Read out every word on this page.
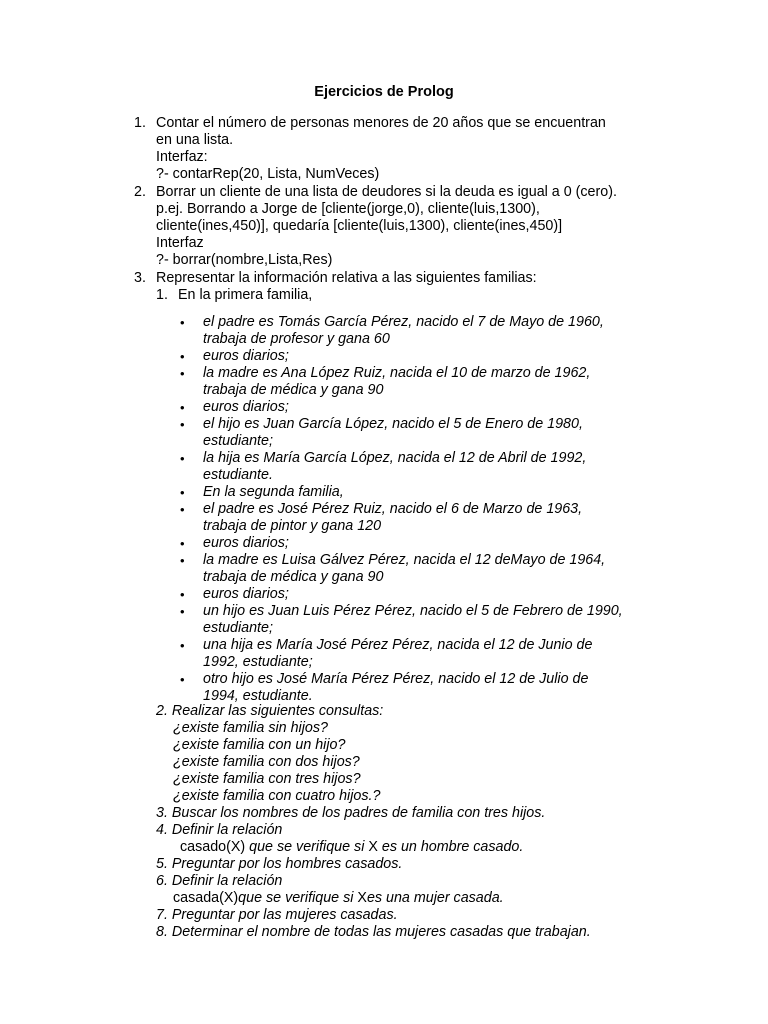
Ejercicios de Prolog
1. Contar el número de personas menores de 20 años que se encuentran
en una lista.
Interfaz:
?- contarRep(20, Lista, NumVeces)
2. Borrar un cliente de una lista de deudores si la deuda es igual a 0 (cero).
p.ej. Borrando a Jorge de [cliente(jorge,0), cliente(luis,1300),
cliente(ines,450)], quedaría [cliente(luis,1300), cliente(ines,450)]
Interfaz
?- borrar(nombre,Lista,Res)
3. Representar la información relativa a las siguientes familias:
1. En la primera familia,
• el padre es Tomás García Pérez, nacido el 7 de Mayo de 1960,
trabaja de profesor y gana 60
• euros diarios;
• la madre es Ana López Ruiz, nacida el 10 de marzo de 1962,
trabaja de médica y gana 90
• euros diarios;
• el hijo es Juan García López, nacido el 5 de Enero de 1980,
estudiante;
• la hija es María García López, nacida el 12 de Abril de 1992,
estudiante.
• En la segunda familia,
• el padre es José Pérez Ruiz, nacido el 6 de Marzo de 1963,
trabaja de pintor y gana 120
• euros diarios;
• la madre es Luisa Gálvez Pérez, nacida el 12 deMayo de 1964,
trabaja de médica y gana 90
• euros diarios;
• un hijo es Juan Luis Pérez Pérez, nacido el 5 de Febrero de 1990,
estudiante;
• una hija es María José Pérez Pérez, nacida el 12 de Junio de
1992, estudiante;
• otro hijo es José María Pérez Pérez, nacido el 12 de Julio de
1994, estudiante.
2. Realizar las siguientes consultas:
¿existe familia sin hijos?
¿existe familia con un hijo?
¿existe familia con dos hijos?
¿existe familia con tres hijos?
¿existe familia con cuatro hijos.?
3. Buscar los nombres de los padres de familia con tres hijos.
4. Definir la relación
casado(X) que se verifique si X es un hombre casado.
5. Preguntar por los hombres casados.
6. Definir la relación
casada(X)que se verifique si Xes una mujer casada.
7. Preguntar por las mujeres casadas.
8. Determinar el nombre de todas las mujeres casadas que trabajan.
